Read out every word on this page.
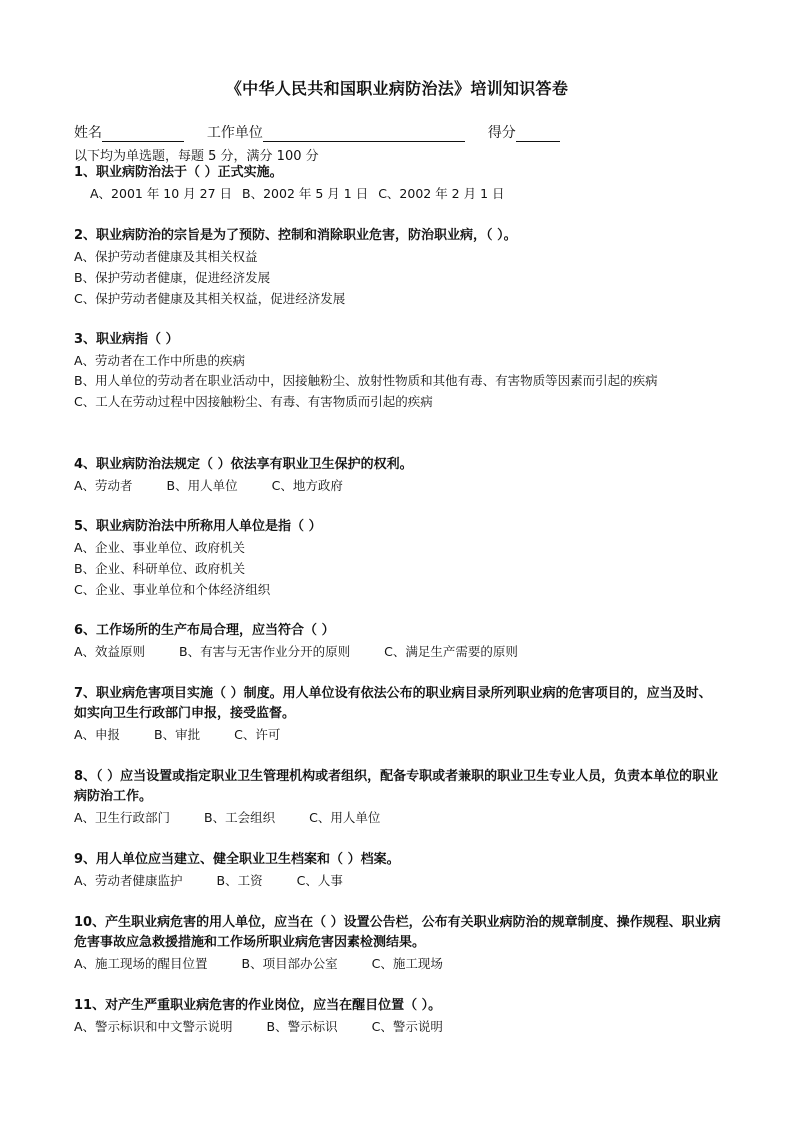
《中华人民共和国职业病防治法》培训知识答卷
姓名	工作单位	得分
以下均为单选题，每题 5 分，满分 100 分
1、职业病防治法于（ ）正式实施。
A、2001 年 10 月 27 日 B、2002 年 5 月 1 日 C、2002 年 2 月 1 日
2、职业病防治的宗旨是为了预防、控制和消除职业危害，防治职业病，（ ）。
A、保护劳动者健康及其相关权益
B、保护劳动者健康，促进经济发展
C、保护劳动者健康及其相关权益，促进经济发展
3、职业病指（ ）
A、劳动者在工作中所患的疾病
B、用人单位的劳动者在职业活动中，因接触粉尘、放射性物质和其他有毒、有害物质等因素而引起的疾病
C、工人在劳动过程中因接触粉尘、有毒、有害物质而引起的疾病
4、职业病防治法规定（ ）依法享有职业卫生保护的权利。
A、劳动者	B、用人单位	C、地方政府
5、职业病防治法中所称用人单位是指（ ）
A、企业、事业单位、政府机关
B、企业、科研单位、政府机关
C、企业、事业单位和个体经济组织
6、工作场所的生产布局合理，应当符合（ ）
A、效益原则	B、有害与无害作业分开的原则	C、满足生产需要的原则
7、职业病危害项目实施（ ）制度。用人单位设有依法公布的职业病目录所列职业病的危害项目的，应当及时、如实向卫生行政部门申报，接受监督。
A、申报	B、审批	C、许可
8、（ ）应当设置或指定职业卫生管理机构或者组织，配备专职或者兼职的职业卫生专业人员，负责本单位的职业病防治工作。
A、卫生行政部门	B、工会组织	C、用人单位
9、用人单位应当建立、健全职业卫生档案和（ ）档案。
A、劳动者健康监护	B、工资	C、人事
10、产生职业病危害的用人单位，应当在（ ）设置公告栏，公布有关职业病防治的规章制度、操作规程、职业病危害事故应急救援措施和工作场所职业病危害因素检测结果。
A、施工现场的醒目位置	B、项目部办公室	C、施工现场
11、对产生严重职业病危害的作业岗位，应当在醒目位置（ ）。
A、警示标识和中文警示说明	B、警示标识	C、警示说明
